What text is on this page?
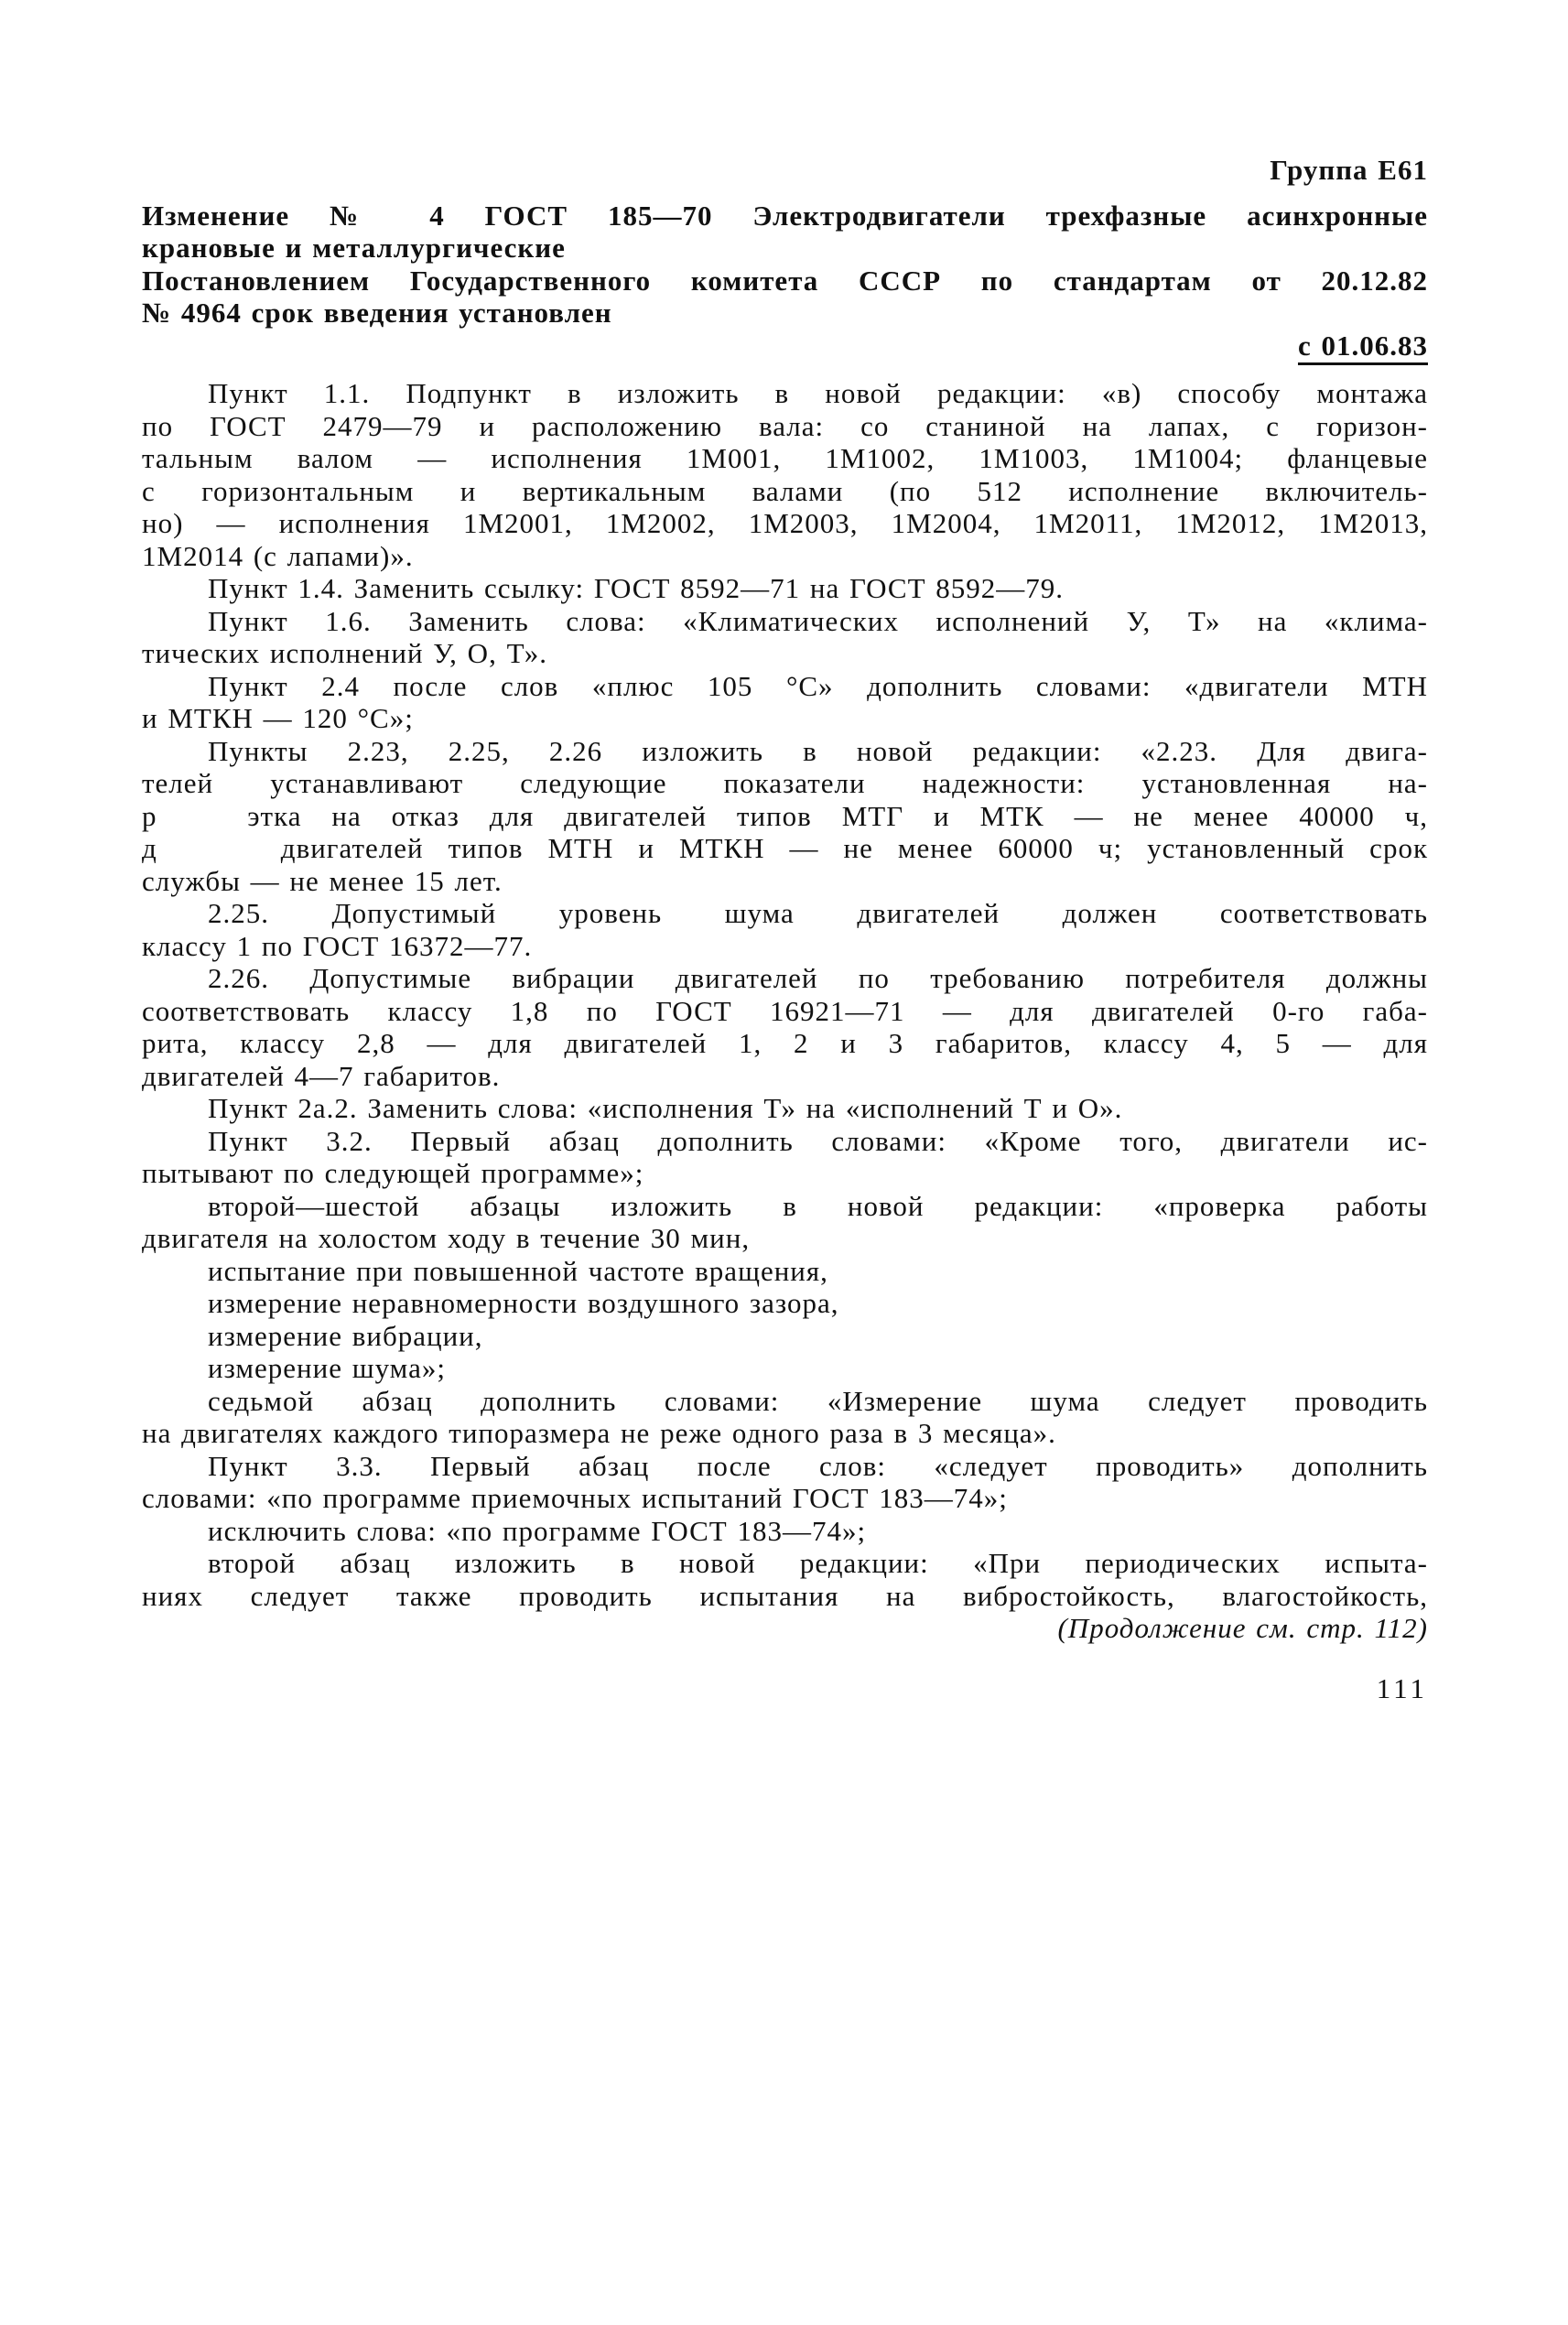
Группа Е61
Изменение № 4 ГОСТ 185—70 Электродвигатели трехфазные асинхронные
крановые и металлургические
Постановлением Государственного комитета СССР по стандартам от 20.12.82
№ 4964 срок введения установлен
с 01.06.83
Пункт 1.1. Подпункт в изложить в новой редакции: «в) способу монтажа
по ГОСТ 2479—79 и расположению вала: со станиной на лапах, с горизон-
тальным валом — исполнения 1М001, 1М1002, 1М1003, 1М1004; фланцевые
с горизонтальным и вертикальным валами (по 512 исполнение включитель-
но) — исполнения 1М2001, 1М2002, 1М2003, 1М2004, 1М2011, 1М2012, 1М2013,
1М2014 (с лапами)».
Пункт 1.4. Заменить ссылку: ГОСТ 8592—71 на ГОСТ 8592—79.
Пункт 1.6. Заменить слова: «Климатических исполнений У, Т» на «клима-
тических исполнений У, О, Т».
Пункт 2.4 после слов «плюс 105 °С» дополнить словами: «двигатели МТН
и МТКН — 120 °С»;
Пункты 2.23, 2.25, 2.26 изложить в новой редакции: «2.23. Для двига-
телей устанавливают следующие показатели надежности: установленная на-
р   этка на отказ для двигателей типов МТГ и МТК — не менее 40000 ч,
д     двигателей типов МТН и МТКН — не менее 60000 ч; установленный срок
службы — не менее 15 лет.
2.25. Допустимый уровень шума двигателей должен соответствовать
классу 1 по ГОСТ 16372—77.
2.26. Допустимые вибрации двигателей по требованию потребителя должны
соответствовать классу 1,8 по ГОСТ 16921—71 — для двигателей 0-го габа-
рита, классу 2,8 — для двигателей 1, 2 и 3 габаритов, классу 4, 5 — для
двигателей 4—7 габаритов.
Пункт 2а.2. Заменить слова: «исполнения Т» на «исполнений Т и О».
Пункт 3.2. Первый абзац дополнить словами: «Кроме того, двигатели ис-
пытывают по следующей программе»;
второй—шестой абзацы изложить в новой редакции: «проверка работы
двигателя на холостом ходу в течение 30 мин,
испытание при повышенной частоте вращения,
измерение неравномерности воздушного зазора,
измерение вибрации,
измерение шума»;
седьмой абзац дополнить словами: «Измерение шума следует проводить
на двигателях каждого типоразмера не реже одного раза в 3 месяца».
Пункт 3.3. Первый абзац после слов: «следует проводить» дополнить
словами: «по программе приемочных испытаний ГОСТ 183—74»;
исключить слова: «по программе ГОСТ 183—74»;
второй абзац изложить в новой редакции: «При периодических испыта-
ниях следует также проводить испытания на вибростойкость, влагостойкость,
(Продолжение см. стр. 112)
111
